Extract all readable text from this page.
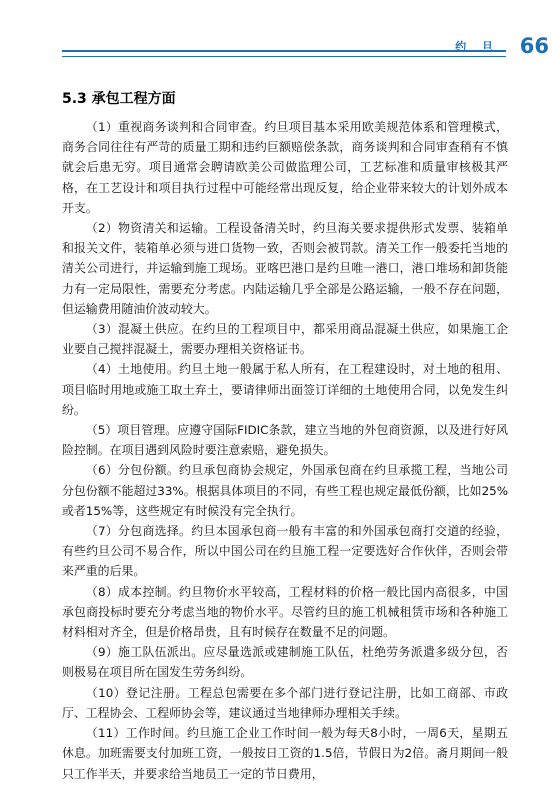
约 旦 66
5.3 承包工程方面

（1）重视商务谈判和合同审查。约旦项目基本采用欧美规范体系和管理模式，商务合同往往有严苛的质量工期和违约巨额赔偿条款，商务谈判和合同审查稍有不慎就会后患无穷。项目通常会聘请欧美公司做监理公司，工艺标准和质量审核极其严格，在工艺设计和项目执行过程中可能经常出现反复，给企业带来较大的计划外成本开支。

（2）物资清关和运输。工程设备清关时，约旦海关要求提供形式发票、装箱单和报关文件，装箱单必须与进口货物一致，否则会被罚款。清关工作一般委托当地的清关公司进行，并运输到施工现场。亚喀巴港口是约旦唯一港口，港口堆场和卸货能力有一定局限性，需要充分考虑。内陆运输几乎全部是公路运输，一般不存在问题，但运输费用随油价波动较大。

（3）混凝土供应。在约旦的工程项目中，都采用商品混凝土供应，如果施工企业要自己搅拌混凝土，需要办理相关资格证书。

（4）土地使用。约旦土地一般属于私人所有，在工程建设时，对土地的租用、项目临时用地或施工取土弃土，要请律师出面签订详细的土地使用合同，以免发生纠纷。

（5）项目管理。应遵守国际FIDIC条款，建立当地的外包商资源，以及进行好风险控制。在项目遇到风险时要注意索赔，避免损失。

（6）分包份额。约旦承包商协会规定，外国承包商在约旦承揽工程，当地公司分包份额不能超过33%。根据具体项目的不同，有些工程也规定最低份额，比如25%或者15%等，这些规定有时候没有完全执行。

（7）分包商选择。约旦本国承包商一般有丰富的和外国承包商打交道的经验，有些约旦公司不易合作，所以中国公司在约旦施工程一定要选好合作伙伴，否则会带来严重的后果。

（8）成本控制。约旦物价水平较高，工程材料的价格一般比国内高很多，中国承包商投标时要充分考虑当地的物价水平。尽管约旦的施工机械租赁市场和各种施工材料相对齐全，但是价格昂贵，且有时候存在数量不足的问题。

（9）施工队伍派出。应尽量选派或建制施工队伍，杜绝劳务派遣多级分包，否则极易在项目所在国发生劳务纠纷。

（10）登记注册。工程总包需要在多个部门进行登记注册，比如工商部、市政厅、工程协会、工程师协会等，建议通过当地律师办理相关手续。

（11）工作时间。约旦施工企业工作时间一般为每天8小时，一周6天，星期五休息。加班需要支付加班工资，一般按日工资的1.5倍，节假日为2倍。斋月期间一般只工作半天，并要求给当地员工一定的节日费用，
